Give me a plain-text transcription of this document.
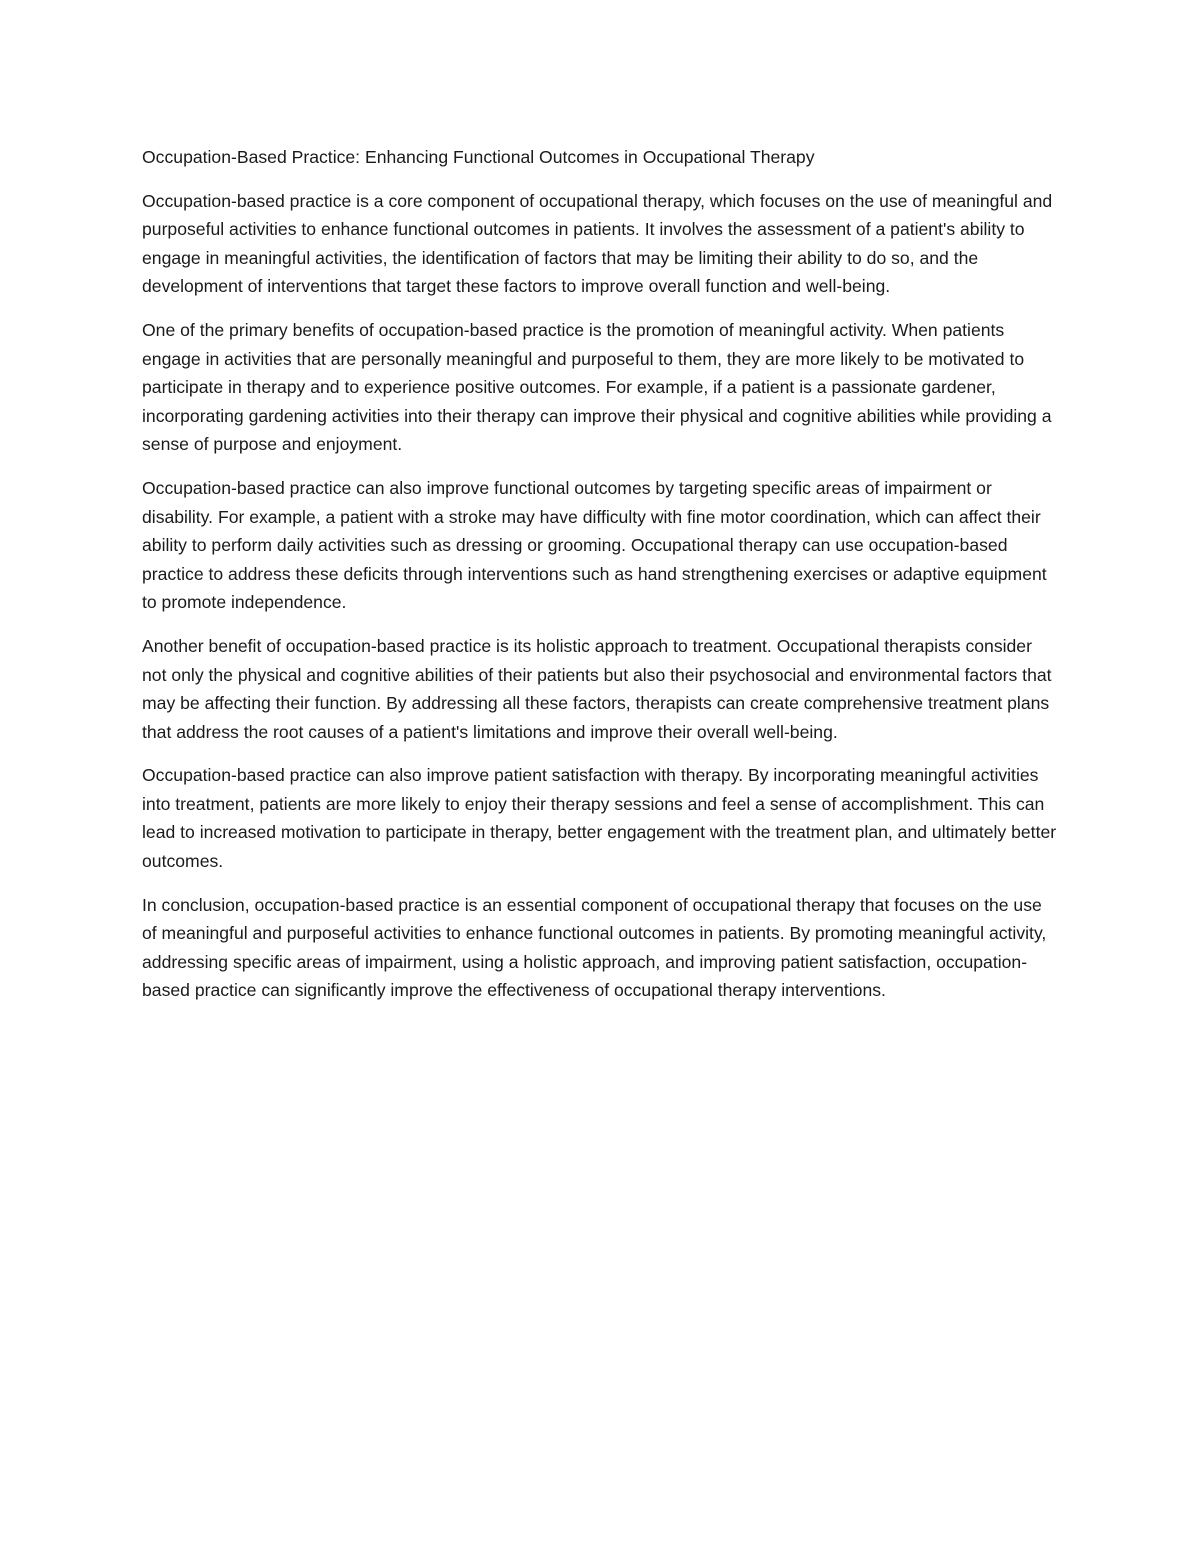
Occupation-Based Practice: Enhancing Functional Outcomes in Occupational Therapy

Occupation-based practice is a core component of occupational therapy, which focuses on the use of meaningful and purposeful activities to enhance functional outcomes in patients. It involves the assessment of a patient's ability to engage in meaningful activities, the identification of factors that may be limiting their ability to do so, and the development of interventions that target these factors to improve overall function and well-being.

One of the primary benefits of occupation-based practice is the promotion of meaningful activity. When patients engage in activities that are personally meaningful and purposeful to them, they are more likely to be motivated to participate in therapy and to experience positive outcomes. For example, if a patient is a passionate gardener, incorporating gardening activities into their therapy can improve their physical and cognitive abilities while providing a sense of purpose and enjoyment.

Occupation-based practice can also improve functional outcomes by targeting specific areas of impairment or disability. For example, a patient with a stroke may have difficulty with fine motor coordination, which can affect their ability to perform daily activities such as dressing or grooming. Occupational therapy can use occupation-based practice to address these deficits through interventions such as hand strengthening exercises or adaptive equipment to promote independence.

Another benefit of occupation-based practice is its holistic approach to treatment. Occupational therapists consider not only the physical and cognitive abilities of their patients but also their psychosocial and environmental factors that may be affecting their function. By addressing all these factors, therapists can create comprehensive treatment plans that address the root causes of a patient's limitations and improve their overall well-being.

Occupation-based practice can also improve patient satisfaction with therapy. By incorporating meaningful activities into treatment, patients are more likely to enjoy their therapy sessions and feel a sense of accomplishment. This can lead to increased motivation to participate in therapy, better engagement with the treatment plan, and ultimately better outcomes.

In conclusion, occupation-based practice is an essential component of occupational therapy that focuses on the use of meaningful and purposeful activities to enhance functional outcomes in patients. By promoting meaningful activity, addressing specific areas of impairment, using a holistic approach, and improving patient satisfaction, occupation-based practice can significantly improve the effectiveness of occupational therapy interventions.
